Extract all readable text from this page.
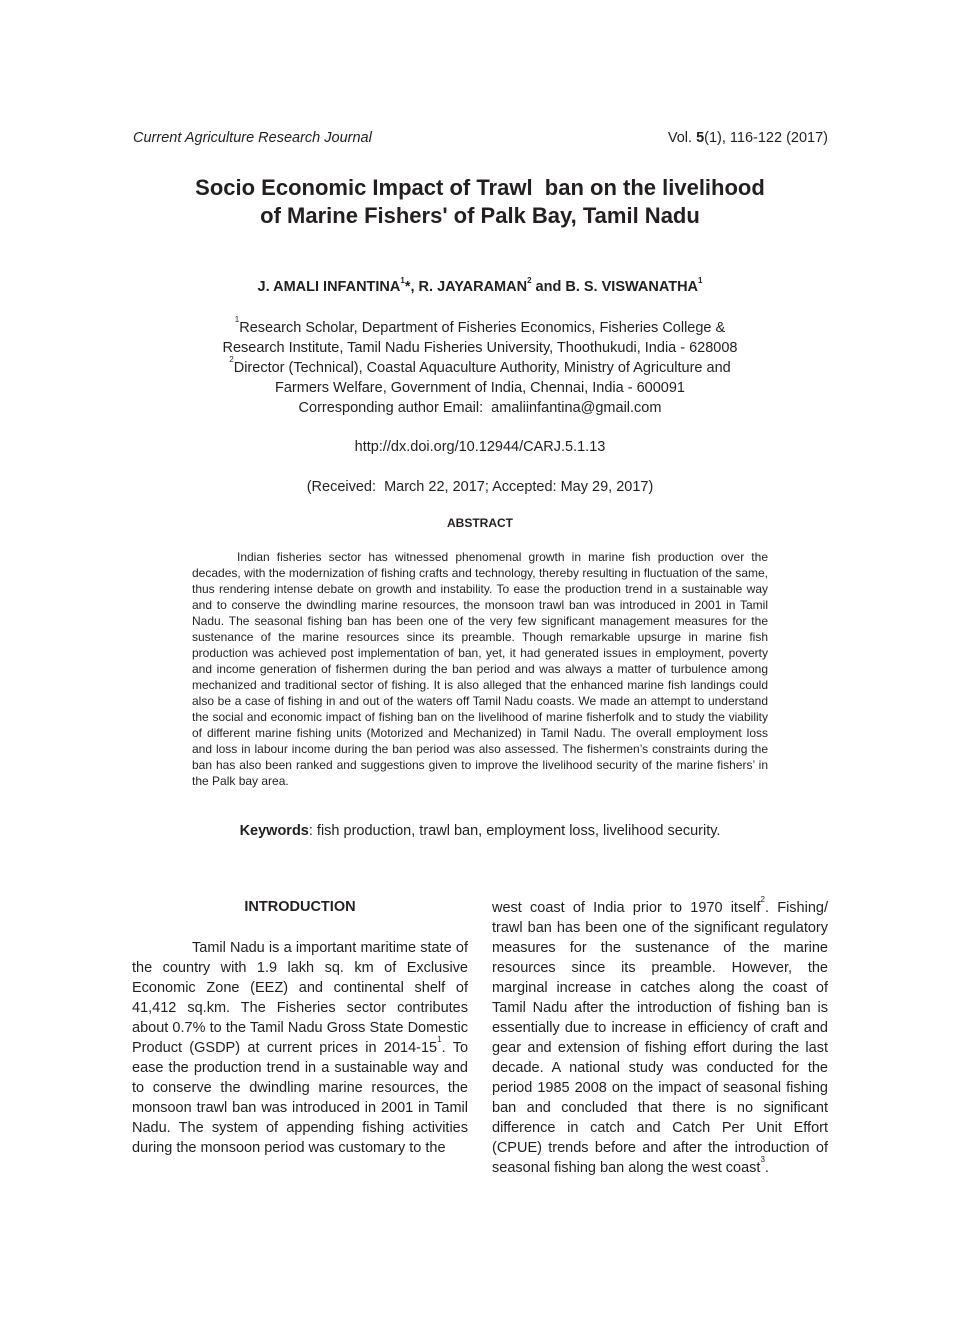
Current Agriculture Research Journal	Vol. 5(1), 116-122 (2017)
Socio Economic Impact of Trawl  ban on the livelihood
of Marine Fishers' of Palk Bay, Tamil Nadu
J. AMALI INFANTINA$^1$*, R. JAYARAMAN$^2$ and B. S. VISWANATHA$^1$
$^1$Research Scholar, Department of Fisheries Economics, Fisheries College &
Research Institute, Tamil Nadu Fisheries University, Thoothukudi, India - 628008
$^2$Director (Technical), Coastal Aquaculture Authority, Ministry of Agriculture and
Farmers Welfare, Government of India, Chennai, India - 600091
Corresponding author Email:  amaliinfantina@gmail.com
http://dx.doi.org/10.12944/CARJ.5.1.13
(Received:  March 22, 2017; Accepted: May 29, 2017)
ABSTRACT
Indian fisheries sector has witnessed phenomenal growth in marine fish production over the decades, with the modernization of fishing crafts and technology, thereby resulting in fluctuation of the same, thus rendering intense debate on growth and instability. To ease the production trend in a sustainable way and to conserve the dwindling marine resources, the monsoon trawl ban was introduced in 2001 in Tamil Nadu. The seasonal fishing ban has been one of the very few significant management measures for the sustenance of the marine resources since its preamble. Though remarkable upsurge in marine fish production was achieved post implementation of ban, yet, it had generated issues in employment, poverty and income generation of fishermen during the ban period and was always a matter of turbulence among mechanized and traditional sector of fishing. It is also alleged that the enhanced marine fish landings could also be a case of fishing in and out of the waters off Tamil Nadu coasts. We made an attempt to understand the social and economic impact of fishing ban on the livelihood of marine fisherfolk and to study the viability of different marine fishing units (Motorized and Mechanized) in Tamil Nadu. The overall employment loss and loss in labour income during the ban period was also assessed. The fishermen’s constraints during the ban has also been ranked and suggestions given to improve the livelihood security of the marine fishers’ in the Palk bay area.
Keywords: fish production, trawl ban, employment loss, livelihood security.
INTRODUCTION
Tamil Nadu is a important maritime state of the country with 1.9 lakh sq. km of Exclusive Economic Zone (EEZ) and continental shelf of 41,412 sq.km. The Fisheries sector contributes about 0.7% to the Tamil Nadu Gross State Domestic Product (GSDP) at current prices in $2014-15^1$. To ease the production trend in a sustainable way and to conserve the dwindling marine resources, the monsoon trawl ban was introduced in 2001 in Tamil Nadu. The system of appending fishing activities during the monsoon period was customary to the
west coast of India prior to 1970 itself$^2$. Fishing/ trawl ban has been one of the significant regulatory measures for the sustenance of the marine resources since its preamble. However, the marginal increase in catches along the coast of Tamil Nadu after the introduction of fishing ban is essentially due to increase in efficiency of craft and gear and extension of fishing effort during the last decade. A national study was conducted for the period 1985 2008 on the impact of seasonal fishing ban and concluded that there is no significant difference in catch and Catch Per Unit Effort (CPUE) trends before and after the introduction of seasonal fishing ban along the west coast$^3$.
